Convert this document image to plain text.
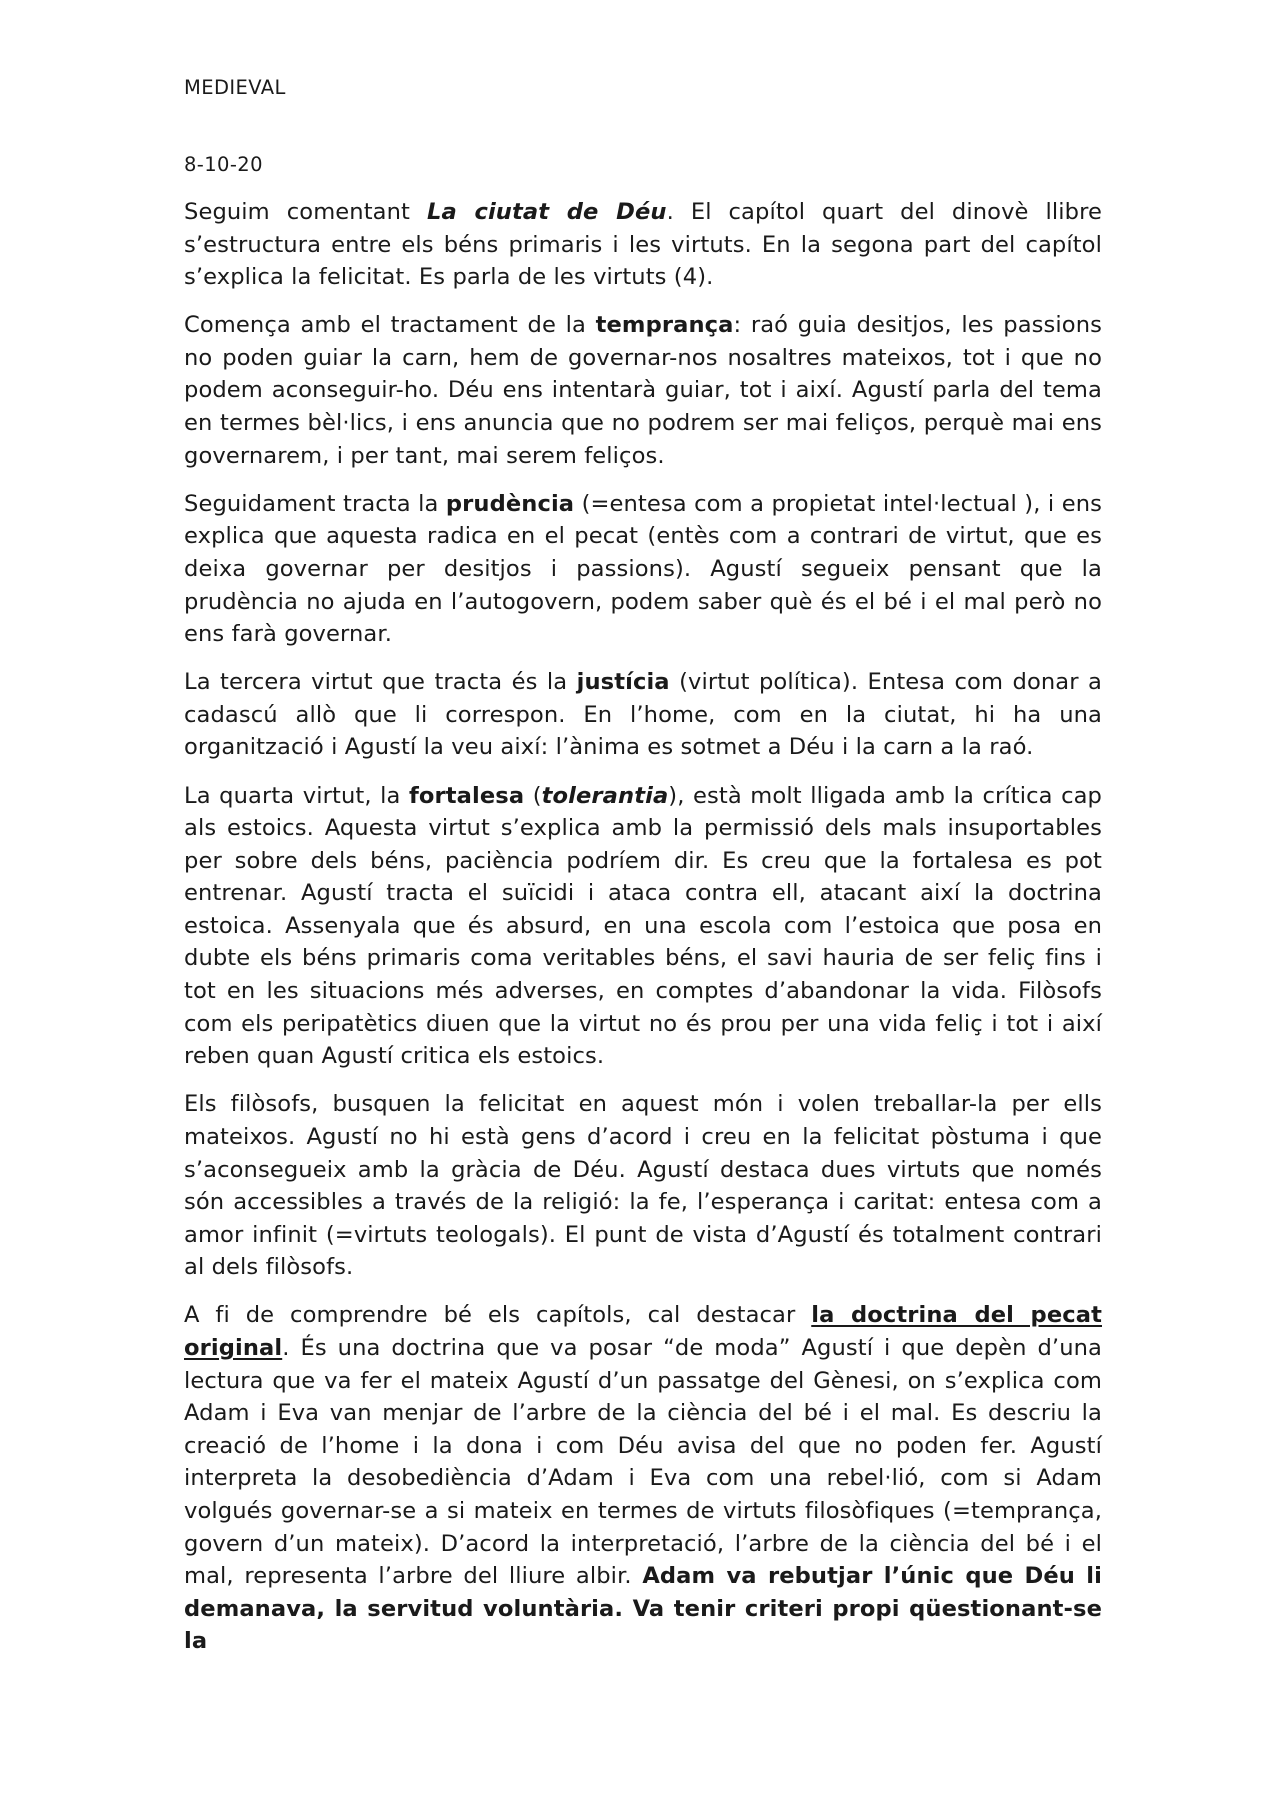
MEDIEVAL
8-10-20

Seguim comentant La ciutat de Déu. El capítol quart del dinovè llibre s’estructura entre els béns primaris i les virtuts. En la segona part del capítol s’explica la felicitat. Es parla de les virtuts (4).

Comença amb el tractament de la temprança: raó guia desitjos, les passions no poden guiar la carn, hem de governar-nos nosaltres mateixos, tot i que no podem aconseguir-ho. Déu ens intentarà guiar, tot i així. Agustí parla del tema en termes bèl·lics, i ens anuncia que no podrem ser mai feliços, perquè mai ens governarem, i per tant, mai serem feliços.

Seguidament tracta la prudència (=entesa com a propietat intel·lectual ), i ens explica que aquesta radica en el pecat (entès com a contrari de virtut, que es deixa governar per desitjos i passions). Agustí segueix pensant que la prudència no ajuda en l’autogovern, podem saber què és el bé i el mal però no ens farà governar.

La tercera virtut que tracta és la justícia (virtut política). Entesa com donar a cadascú allò que li correspon. En l’home, com en la ciutat, hi ha una organització i Agustí la veu així: l’ànima es sotmet a Déu i la carn a la raó.

La quarta virtut, la fortalesa (tolerantia), està molt lligada amb la crítica cap als estoics. Aquesta virtut s’explica amb la permissió dels mals insuportables per sobre dels béns, paciència podríem dir. Es creu que la fortalesa es pot entrenar. Agustí tracta el suïcidi i ataca contra ell, atacant així la doctrina estoica. Assenyala que és absurd, en una escola com l’estoica que posa en dubte els béns primaris coma veritables béns, el savi hauria de ser feliç fins i tot en les situacions més adverses, en comptes d’abandonar la vida. Filòsofs com els peripatètics diuen que la virtut no és prou per una vida feliç i tot i així reben quan Agustí critica els estoics.

Els filòsofs, busquen la felicitat en aquest món i volen treballar-la per ells mateixos. Agustí no hi està gens d’acord i creu en la felicitat pòstuma i que s’aconsegueix amb la gràcia de Déu. Agustí destaca dues virtuts que només són accessibles a través de la religió: la fe, l’esperança i caritat: entesa com a amor infinit (=virtuts teologals). El punt de vista d’Agustí és totalment contrari al dels filòsofs.

A fi de comprendre bé els capítols, cal destacar la doctrina del pecat original. És una doctrina que va posar “de moda” Agustí i que depèn d’una lectura que va fer el mateix Agustí d’un passatge del Gènesi, on s’explica com Adam i Eva van menjar de l’arbre de la ciència del bé i el mal. Es descriu la creació de l’home i la dona i com Déu avisa del que no poden fer. Agustí interpreta la desobediència d’Adam i Eva com una rebel·lió, com si Adam volgués governar-se a si mateix en termes de virtuts filosòfiques (=temprança, govern d’un mateix). D’acord la interpretació, l’arbre de la ciència del bé i el mal, representa l’arbre del lliure albir. Adam va rebutjar l’únic que Déu li demanava, la servitud voluntària. Va tenir criteri propi qüestionant-se la
